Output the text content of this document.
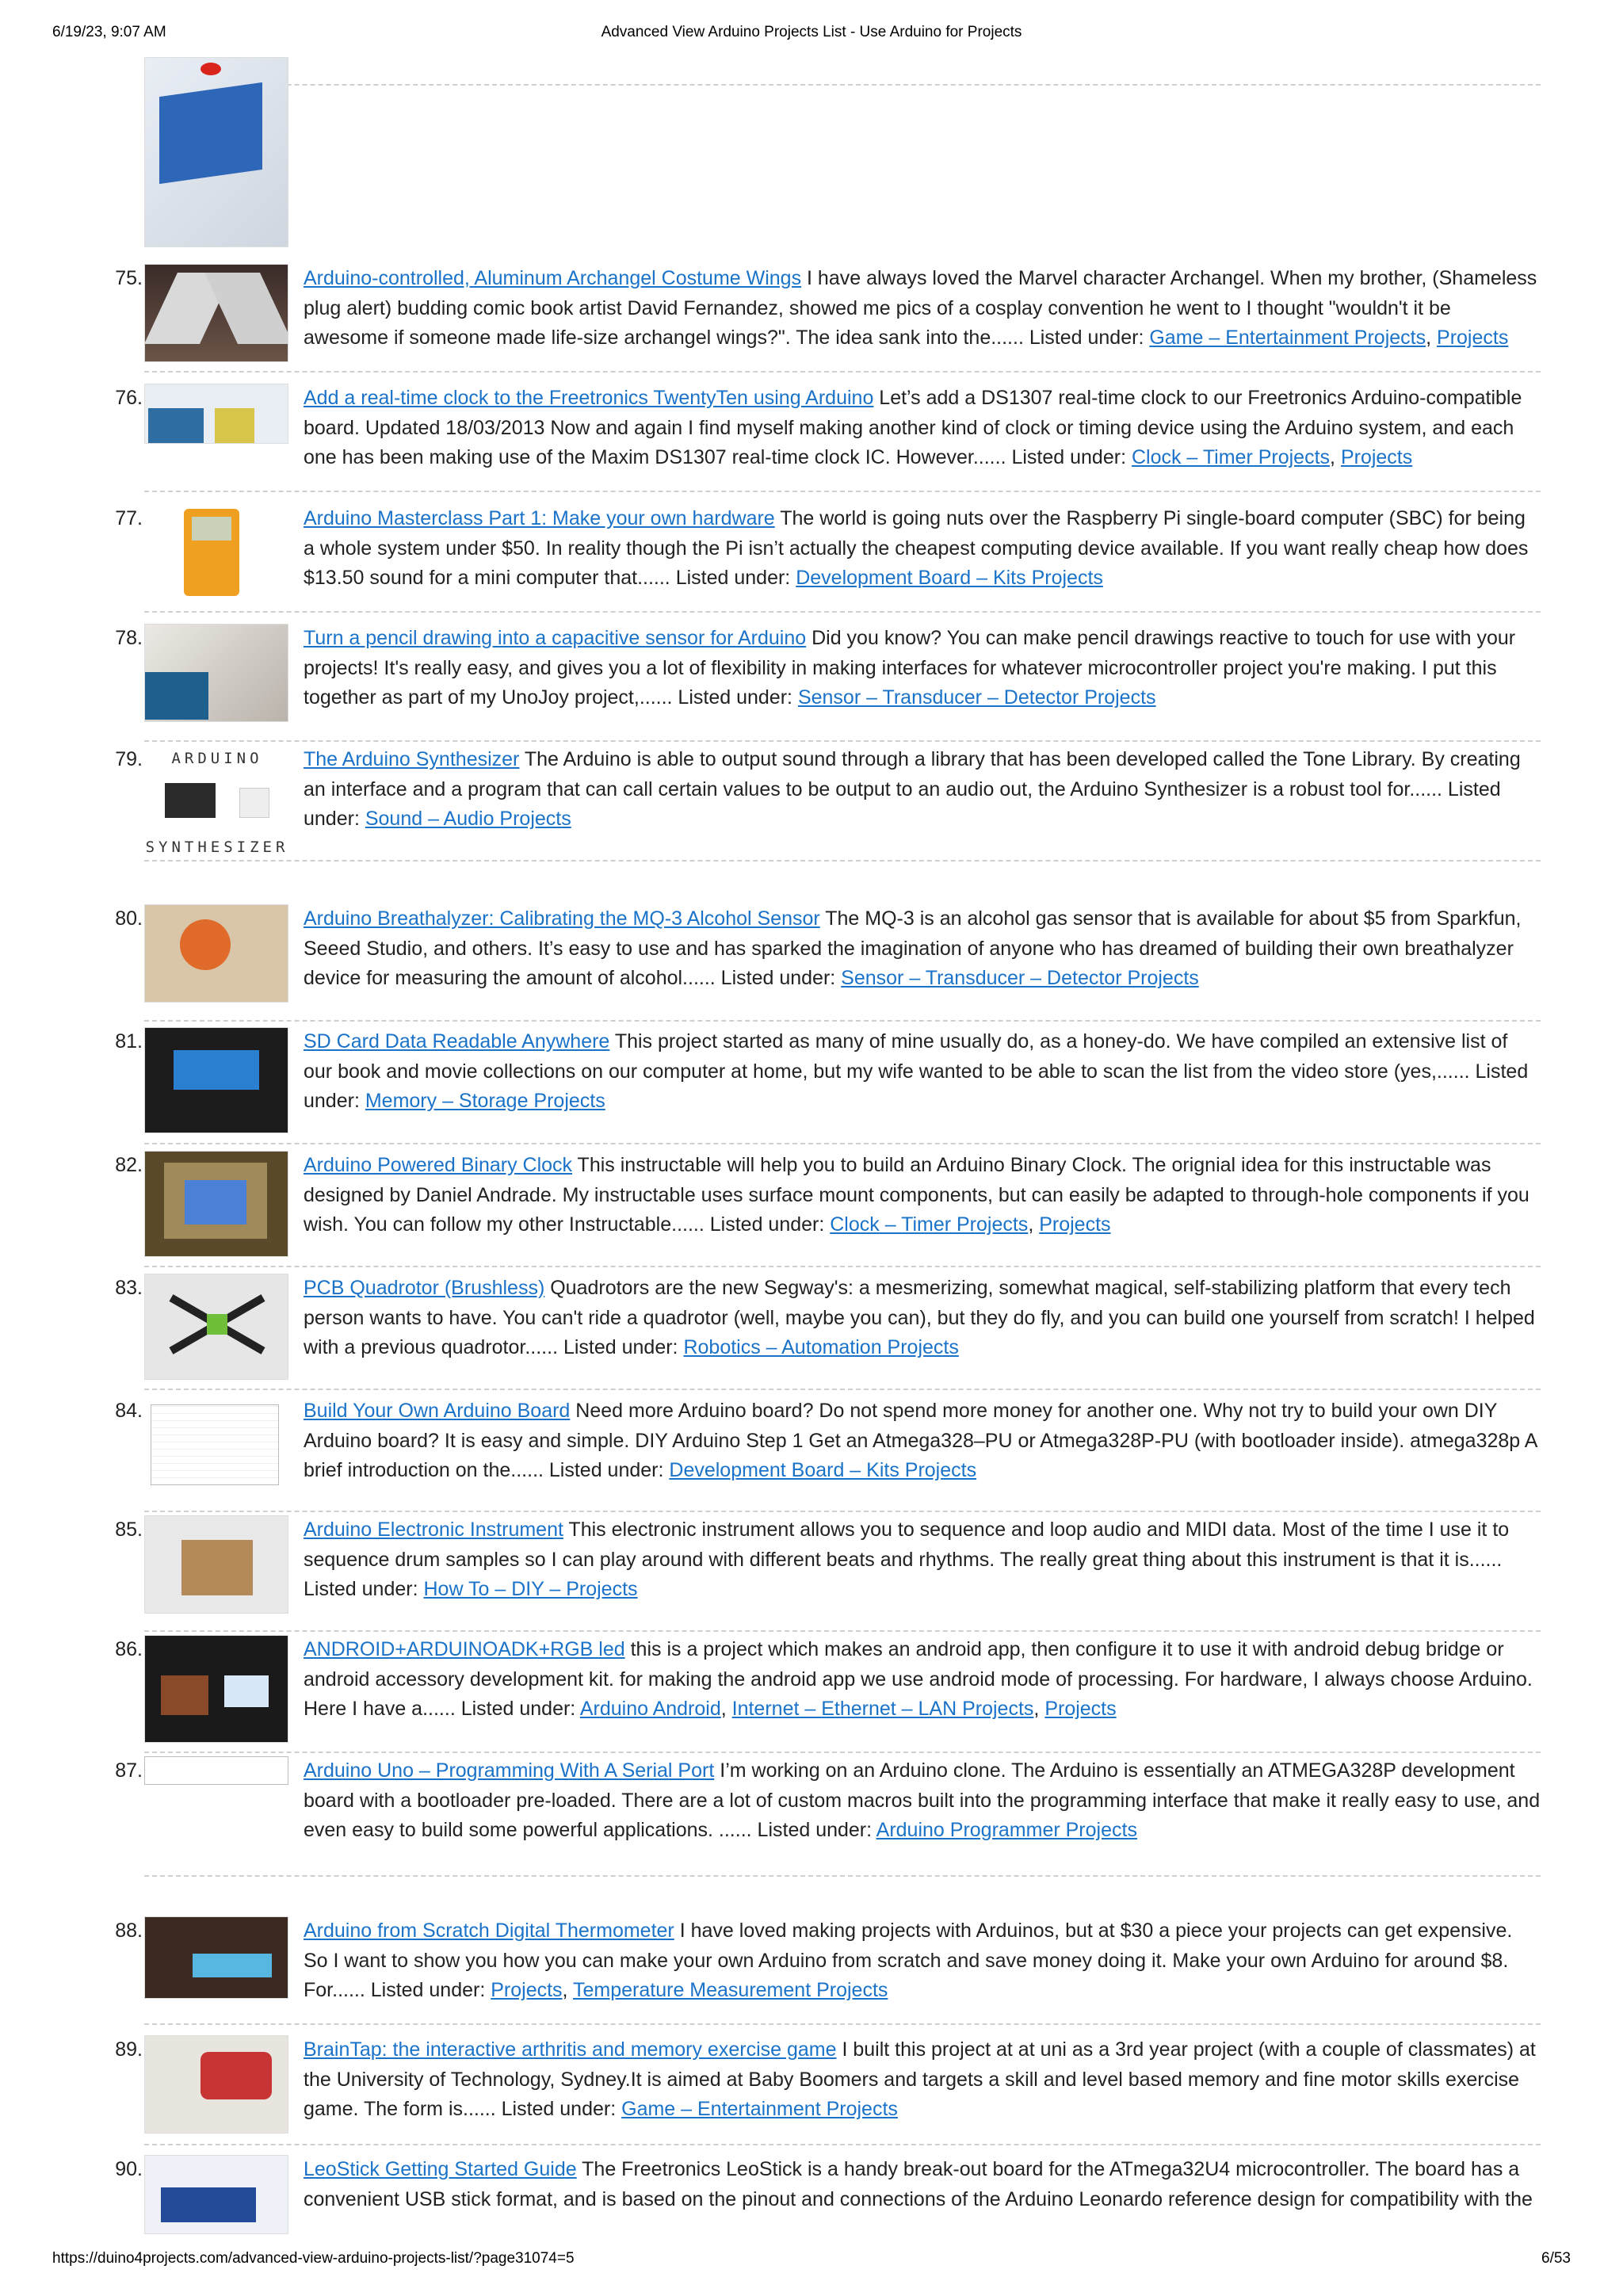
6/19/23, 9:07 AM	Advanced View Arduino Projects List - Use Arduino for Projects
75.	Arduino-controlled, Aluminum Archangel Costume Wings I have always loved the Marvel character Archangel. When my brother, (Shameless plug alert) budding comic book artist David Fernandez, showed me pics of a cosplay convention he went to I thought "wouldn't it be awesome if someone made life-size archangel wings?". The idea sank into the...... Listed under: Game – Entertainment Projects, Projects
76.	Add a real-time clock to the Freetronics TwentyTen using Arduino Let’s add a DS1307 real-time clock to our Freetronics Arduino-compatible board. Updated 18/03/2013 Now and again I find myself making another kind of clock or timing device using the Arduino system, and each one has been making use of the Maxim DS1307 real-time clock IC. However...... Listed under: Clock – Timer Projects, Projects
77.	Arduino Masterclass Part 1: Make your own hardware The world is going nuts over the Raspberry Pi single-board computer (SBC) for being a whole system under $50. In reality though the Pi isn’t actually the cheapest computing device available. If you want really cheap how does $13.50 sound for a mini computer that...... Listed under: Development Board – Kits Projects
78.	Turn a pencil drawing into a capacitive sensor for Arduino Did you know? You can make pencil drawings reactive to touch for use with your projects! It's really easy, and gives you a lot of flexibility in making interfaces for whatever microcontroller project you're making. I put this together as part of my UnoJoy project,...... Listed under: Sensor – Transducer – Detector Projects
79.	ARDUINO
SYNTHESIZER
The Arduino Synthesizer The Arduino is able to output sound through a library that has been developed called the Tone Library. By creating an interface and a program that can call certain values to be output to an audio out, the Arduino Synthesizer is a robust tool for...... Listed under: Sound – Audio Projects
80.	Arduino Breathalyzer: Calibrating the MQ-3 Alcohol Sensor The MQ-3 is an alcohol gas sensor that is available for about $5 from Sparkfun, Seeed Studio, and others. It’s easy to use and has sparked the imagination of anyone who has dreamed of building their own breathalyzer device for measuring the amount of alcohol...... Listed under: Sensor – Transducer – Detector Projects
81.	SD Card Data Readable Anywhere This project started as many of mine usually do, as a honey-do. We have compiled an extensive list of our book and movie collections on our computer at home, but my wife wanted to be able to scan the list from the video store (yes,...... Listed under: Memory – Storage Projects
82.	Arduino Powered Binary Clock This instructable will help you to build an Arduino Binary Clock. The orignial idea for this instructable was designed by Daniel Andrade. My instructable uses surface mount components, but can easily be adapted to through-hole components if you wish. You can follow my other Instructable...... Listed under: Clock – Timer Projects, Projects
83.	PCB Quadrotor (Brushless) Quadrotors are the new Segway's: a mesmerizing, somewhat magical, self-stabilizing platform that every tech person wants to have. You can't ride a quadrotor (well, maybe you can), but they do fly, and you can build one yourself from scratch! I helped with a previous quadrotor...... Listed under: Robotics – Automation Projects
84.	Build Your Own Arduino Board Need more Arduino board? Do not spend more money for another one. Why not try to build your own DIY Arduino board? It is easy and simple. DIY Arduino Step 1 Get an Atmega328–PU or Atmega328P-PU (with bootloader inside). atmega328p A brief introduction on the...... Listed under: Development Board – Kits Projects
85.	Arduino Electronic Instrument This electronic instrument allows you to sequence and loop audio and MIDI data. Most of the time I use it to sequence drum samples so I can play around with different beats and rhythms. The really great thing about this instrument is that it is...... Listed under: How To – DIY – Projects
86.	ANDROID+ARDUINOADK+RGB led this is a project which makes an android app, then configure it to use it with android debug bridge or android accessory development kit. for making the android app we use android mode of processing. For hardware, I always choose Arduino. Here I have a...... Listed under: Arduino Android, Internet – Ethernet – LAN Projects, Projects
87.	Arduino Uno – Programming With A Serial Port I’m working on an Arduino clone. The Arduino is essentially an ATMEGA328P development board with a bootloader pre-loaded. There are a lot of custom macros built into the programming interface that make it really easy to use, and even easy to build some powerful applications. ...... Listed under: Arduino Programmer Projects
88.	Arduino from Scratch Digital Thermometer I have loved making projects with Arduinos, but at $30 a piece your projects can get expensive. So I want to show you how you can make your own Arduino from scratch and save money doing it. Make your own Arduino for around $8. For...... Listed under: Projects, Temperature Measurement Projects
89.	BrainTap: the interactive arthritis and memory exercise game I built this project at at uni as a 3rd year project (with a couple of classmates) at the University of Technology, Sydney.It is aimed at Baby Boomers and targets a skill and level based memory and fine motor skills exercise game. The form is...... Listed under: Game – Entertainment Projects
90.	LeoStick Getting Started Guide The Freetronics LeoStick is a handy break-out board for the ATmega32U4 microcontroller. The board has a convenient USB stick format, and is based on the pinout and connections of the Arduino Leonardo reference design for compatibility with the
https://duino4projects.com/advanced-view-arduino-projects-list/?page31074=5	6/53
